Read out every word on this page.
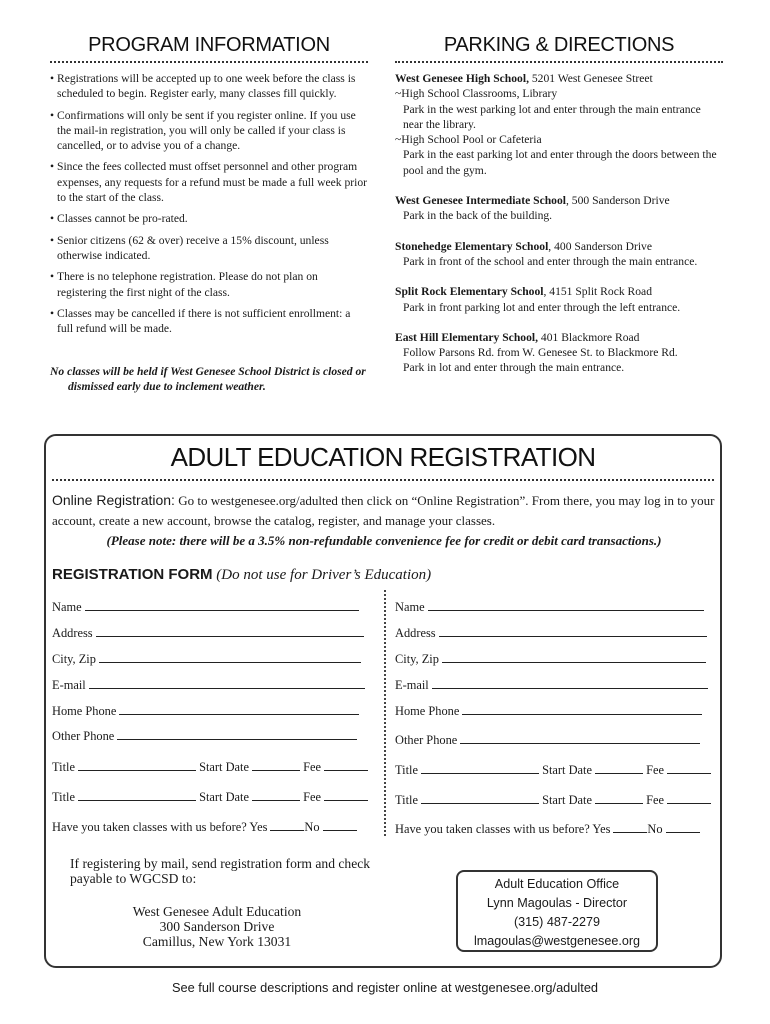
PROGRAM INFORMATION
• Registrations will be accepted up to one week before the class is scheduled to begin. Register early, many classes fill quickly.
• Confirmations will only be sent if you register online. If you use the mail-in registration, you will only be called if your class is cancelled, or to advise you of a change.
• Since the fees collected must offset personnel and other program expenses, any requests for a refund must be made a full week prior to the start of the class.
• Classes cannot be pro-rated.
• Senior citizens (62 & over) receive a 15% discount, unless otherwise indicated.
• There is no telephone registration. Please do not plan on registering the first night of the class.
• Classes may be cancelled if there is not sufficient enrollment: a full refund will be made.
No classes will be held if West Genesee School District is closed or dismissed early due to inclement weather.
PARKING & DIRECTIONS
West Genesee High School, 5201 West Genesee Street
~High School Classrooms, Library
Park in the west parking lot and enter through the main entrance near the library.
~High School Pool or Cafeteria
Park in the east parking lot and enter through the doors between the pool and the gym.
West Genesee Intermediate School, 500 Sanderson Drive
Park in the back of the building.
Stonehedge Elementary School, 400 Sanderson Drive
Park in front of the school and enter through the main entrance.
Split Rock Elementary School, 4151 Split Rock Road
Park in front parking lot and enter through the left entrance.
East Hill Elementary School, 401 Blackmore Road
Follow Parsons Rd. from W. Genesee St. to Blackmore Rd.
Park in lot and enter through the main entrance.
ADULT EDUCATION REGISTRATION
Online Registration: Go to westgenesee.org/adulted then click on “Online Registration”. From there, you may log in to your account, create a new account, browse the catalog, register, and manage your classes.
(Please note: there will be a 3.5% non-refundable convenience fee for credit or debit card transactions.)
REGISTRATION FORM (Do not use for Driver’s Education)
Name
Address
City, Zip
E-mail
Home Phone
Other Phone
Title	Start Date	Fee
Title	Start Date	Fee
Have you taken classes with us before? Yes	No
Name
Address
City, Zip
E-mail
Home Phone
Other Phone
Title	Start Date	Fee
Title	Start Date	Fee
Have you taken classes with us before? Yes	No
If registering by mail, send registration form and check payable to WGCSD to:
West Genesee Adult Education
300 Sanderson Drive
Camillus, New York 13031
Adult Education Office
Lynn Magoulas - Director
(315) 487-2279
lmagoulas@westgenesee.org
See full course descriptions and register online at westgenesee.org/adulted
